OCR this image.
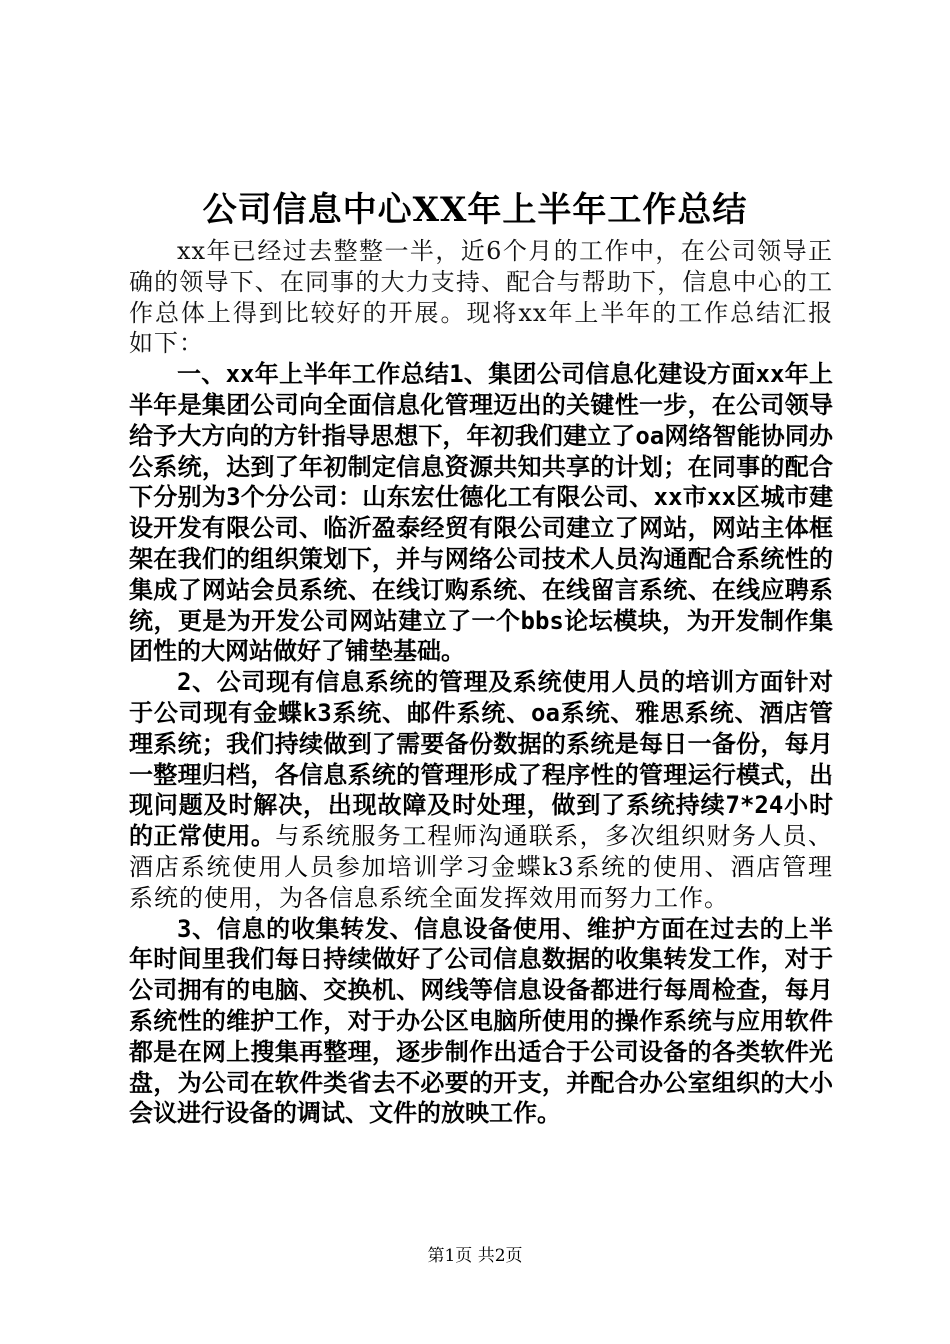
公司信息中心XX年上半年工作总结

xx年已经过去整整一半，近6个月的工作中，在公司领导正确的领导下、在同事的大力支持、配合与帮助下，信息中心的工作总体上得到比较好的开展。现将xx年上半年的工作总结汇报如下：

一、xx年上半年工作总结1、集团公司信息化建设方面xx年上半年是集团公司向全面信息化管理迈出的关键性一步，在公司领导给予大方向的方针指导思想下，年初我们建立了oa网络智能协同办公系统，达到了年初制定信息资源共知共享的计划；在同事的配合下分别为3个分公司：山东宏仕德化工有限公司、xx市xx区城市建设开发有限公司、临沂盈泰经贸有限公司建立了网站，网站主体框架在我们的组织策划下，并与网络公司技术人员沟通配合系统性的集成了网站会员系统、在线订购系统、在线留言系统、在线应聘系统，更是为开发公司网站建立了一个bbs论坛模块，为开发制作集团性的大网站做好了铺垫基础。

2、公司现有信息系统的管理及系统使用人员的培训方面针对于公司现有金蝶k3系统、邮件系统、oa系统、雅思系统、酒店管理系统；我们持续做到了需要备份数据的系统是每日一备份，每月一整理归档，各信息系统的管理形成了程序性的管理运行模式，出现问题及时解决，出现故障及时处理，做到了系统持续7*24小时的正常使用。与系统服务工程师沟通联系，多次组织财务人员、酒店系统使用人员参加培训学习金蝶k3系统的使用、酒店管理系统的使用，为各信息系统全面发挥效用而努力工作。

3、信息的收集转发、信息设备使用、维护方面在过去的上半年时间里我们每日持续做好了公司信息数据的收集转发工作，对于公司拥有的电脑、交换机、网线等信息设备都进行每周检查，每月系统性的维护工作，对于办公区电脑所使用的操作系统与应用软件都是在网上搜集再整理，逐步制作出适合于公司设备的各类软件光盘，为公司在软件类省去不必要的开支，并配合办公室组织的大小会议进行设备的调试、文件的放映工作。

第1页 共2页
